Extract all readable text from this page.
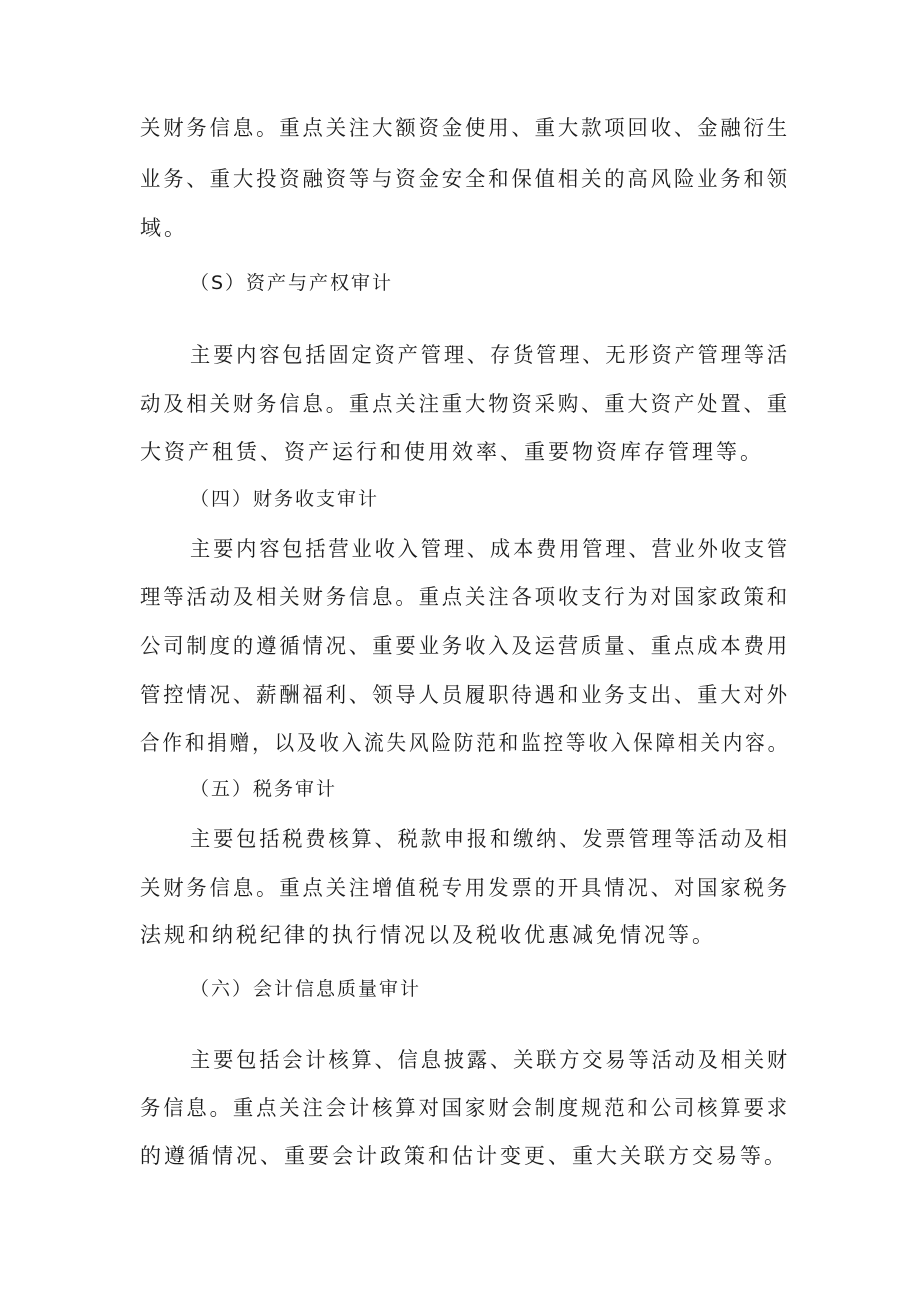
关财务信息。重点关注大额资金使用、重大款项回收、金融衍生
业务、重大投资融资等与资金安全和保值相关的高风险业务和领
域。
（S）资产与产权审计
主要内容包括固定资产管理、存货管理、无形资产管理等活
动及相关财务信息。重点关注重大物资采购、重大资产处置、重
大资产租赁、资产运行和使用效率、重要物资库存管理等。
（四）财务收支审计
主要内容包括营业收入管理、成本费用管理、营业外收支管
理等活动及相关财务信息。重点关注各项收支行为对国家政策和
公司制度的遵循情况、重要业务收入及运营质量、重点成本费用
管控情况、薪酬福利、领导人员履职待遇和业务支出、重大对外
合作和捐赠，以及收入流失风险防范和监控等收入保障相关内容。
（五）税务审计
主要包括税费核算、税款申报和缴纳、发票管理等活动及相
关财务信息。重点关注增值税专用发票的开具情况、对国家税务
法规和纳税纪律的执行情况以及税收优惠减免情况等。
（六）会计信息质量审计
主要包括会计核算、信息披露、关联方交易等活动及相关财
务信息。重点关注会计核算对国家财会制度规范和公司核算要求
的遵循情况、重要会计政策和估计变更、重大关联方交易等。
